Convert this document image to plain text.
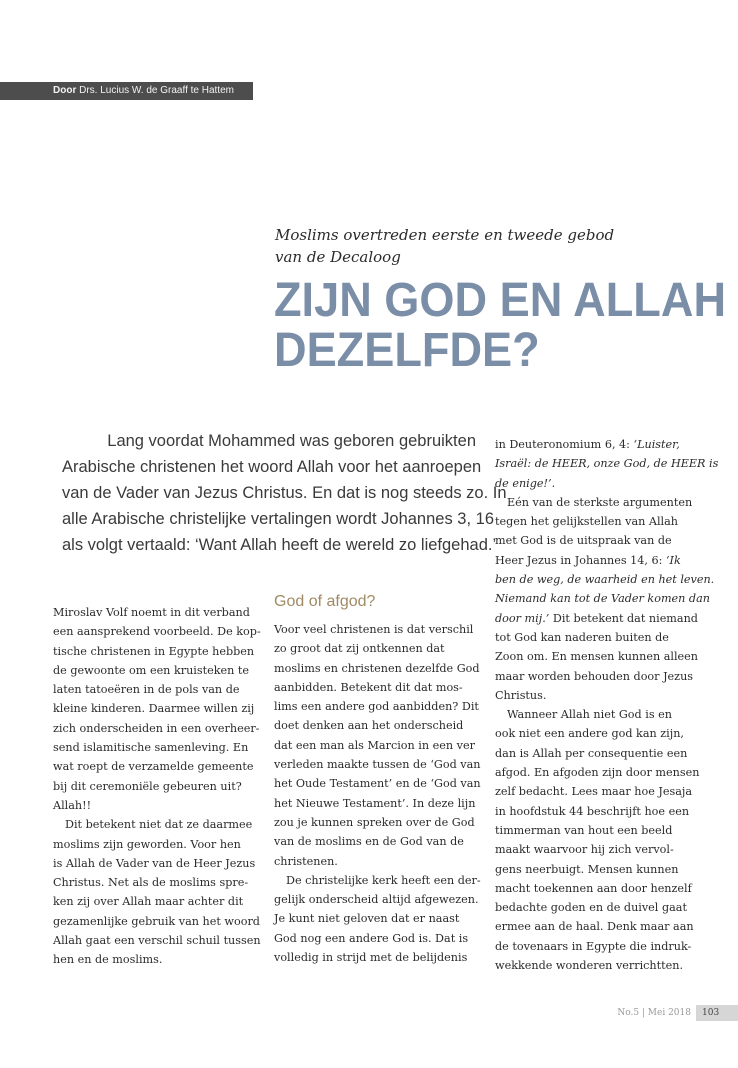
Door Drs. Lucius W. de Graaff te Hattem
Moslims overtreden eerste en tweede gebod
van de Decaloog
ZIJN GOD EN ALLAH
DEZELFDE?
Lang voordat Mohammed was geboren gebruikten
Arabische christenen het woord Allah voor het aanroepen
van de Vader van Jezus Christus. En dat is nog steeds zo. In
alle Arabische christelijke vertalingen wordt Johannes 3, 16
als volgt vertaald: ‘Want Allah heeft de wereld zo liefgehad.’

Miroslav Volf noemt in dit verband
een aansprekend voorbeeld. De kop-
tische christenen in Egypte hebben
de gewoonte om een kruisteken te
laten tatoeëren in de pols van de
kleine kinderen. Daarmee willen zij
zich onderscheiden in een overheer-
send islamitische samenleving. En
wat roept de verzamelde gemeente
bij dit ceremoniële gebeuren uit?
Allah!!

Dit betekent niet dat ze daarmee
moslims zijn geworden. Voor hen
is Allah de Vader van de Heer Jezus
Christus. Net als de moslims spre-
ken zij over Allah maar achter dit
gezamenlijke gebruik van het woord
Allah gaat een verschil schuil tussen
hen en de moslims.

God of afgod?

Voor veel christenen is dat verschil
zo groot dat zij ontkennen dat
moslims en christenen dezelfde God
aanbidden. Betekent dit dat mos-
lims een andere god aanbidden? Dit
doet denken aan het onderscheid
dat een man als Marcion in een ver
verleden maakte tussen de ‘God van
het Oude Testament’ en de ‘God van
het Nieuwe Testament’. In deze lijn
zou je kunnen spreken over de God
van de moslims en de God van de
christenen.

De christelijke kerk heeft een der-
gelijk onderscheid altijd afgewezen.
Je kunt niet geloven dat er naast
God nog een andere God is. Dat is
volledig in strijd met de belijdenis

in Deuteronomium 6, 4: ‘Luister,
Israël: de HEER, onze God, de HEER is
de enige!’.

Eén van de sterkste argumenten
tegen het gelijkstellen van Allah
met God is de uitspraak van de
Heer Jezus in Johannes 14, 6: ‘Ik
ben de weg, de waarheid en het leven.
Niemand kan tot de Vader komen dan
door mij.’ Dit betekent dat niemand
tot God kan naderen buiten de
Zoon om. En mensen kunnen alleen
maar worden behouden door Jezus
Christus.

Wanneer Allah niet God is en
ook niet een andere god kan zijn,
dan is Allah per consequentie een
afgod. En afgoden zijn door mensen
zelf bedacht. Lees maar hoe Jesaja
in hoofdstuk 44 beschrijft hoe een
timmerman van hout een beeld
maakt waarvoor hij zich vervol-
gens neerbuigt. Mensen kunnen
macht toekennen aan door henzelf
bedachte goden en de duivel gaat
ermee aan de haal. Denk maar aan
de tovenaars in Egypte die indruk-
wekkende wonderen verrichtten.

No.5 | Mei 2018	103
